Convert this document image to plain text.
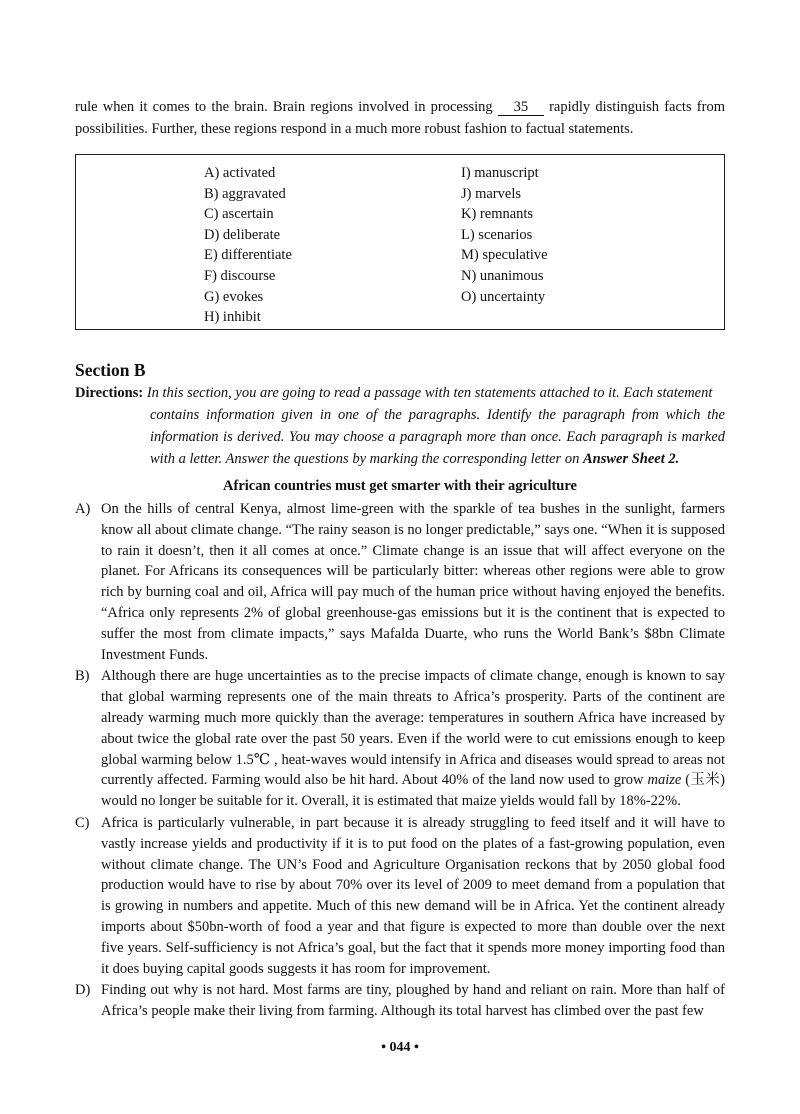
rule when it comes to the brain. Brain regions involved in processing 35 rapidly distinguish facts from possibilities. Further, these regions respond in a much more robust fashion to factual statements.

A) activated
B) aggravated
C) ascertain
D) deliberate
E) differentiate
F) discourse
G) evokes
H) inhibit
I) manuscript
J) marvels
K) remnants
L) scenarios
M) speculative
N) unanimous
O) uncertainty
Section B
Directions: In this section, you are going to read a passage with ten statements attached to it. Each statement
contains information given in one of the paragraphs. Identify the paragraph from which the information is derived. You may choose a paragraph more than once. Each paragraph is marked with a letter. Answer the questions by marking the corresponding letter on Answer Sheet 2.
African countries must get smarter with their agriculture
A) On the hills of central Kenya, almost lime-green with the sparkle of tea bushes in the sunlight, farmers know all about climate change. “The rainy season is no longer predictable,” says one. “When it is supposed to rain it doesn’t, then it all comes at once.” Climate change is an issue that will affect everyone on the planet. For Africans its consequences will be particularly bitter: whereas other regions were able to grow rich by burning coal and oil, Africa will pay much of the human price without having enjoyed the benefits. “Africa only represents 2% of global greenhouse-gas emissions but it is the continent that is expected to suffer the most from climate impacts,” says Mafalda Duarte, who runs the World Bank’s $8bn Climate Investment Funds.
B) Although there are huge uncertainties as to the precise impacts of climate change, enough is known to say that global warming represents one of the main threats to Africa’s prosperity. Parts of the continent are already warming much more quickly than the average: temperatures in southern Africa have increased by about twice the global rate over the past 50 years. Even if the world were to cut emissions enough to keep global warming below 1.5℃ , heat-waves would intensify in Africa and diseases would spread to areas not currently affected. Farming would also be hit hard. About 40% of the land now used to grow maize (玉米) would no longer be suitable for it. Overall, it is estimated that maize yields would fall by 18%-22%.
C) Africa is particularly vulnerable, in part because it is already struggling to feed itself and it will have to vastly increase yields and productivity if it is to put food on the plates of a fast-growing population, even without climate change. The UN’s Food and Agriculture Organisation reckons that by 2050 global food production would have to rise by about 70% over its level of 2009 to meet demand from a population that is growing in numbers and appetite. Much of this new demand will be in Africa. Yet the continent already imports about $50bn-worth of food a year and that figure is expected to more than double over the next five years. Self-sufficiency is not Africa’s goal, but the fact that it spends more money importing food than it does buying capital goods suggests it has room for improvement.
D) Finding out why is not hard. Most farms are tiny, ploughed by hand and reliant on rain. More than half of Africa’s people make their living from farming. Although its total harvest has climbed over the past few
• 044 •
